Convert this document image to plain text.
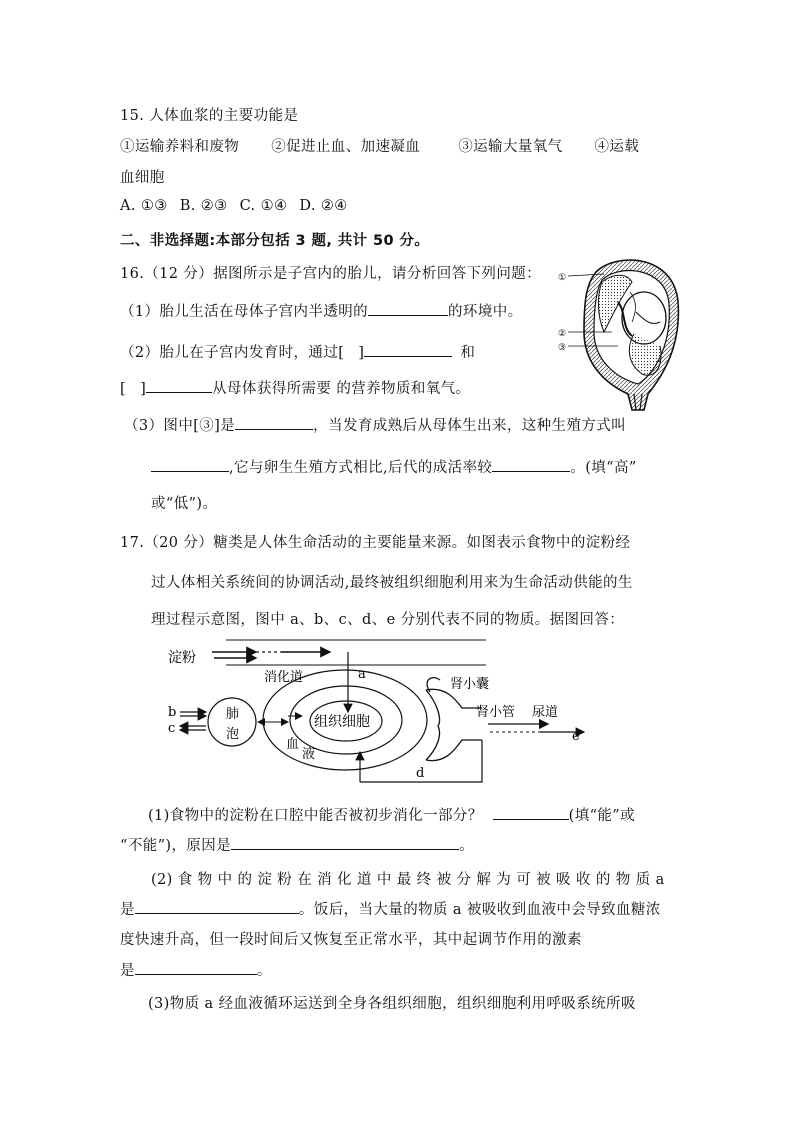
15. 人体血浆的主要功能是
①运输养料和废物 ②促进止血、加速凝血	③运输大量氧气 ④运载
血细胞
A. ①③ B. ②③ C. ①④ D. ②④
二、非选择题:本部分包括 3 题, 共计 50 分。
16.（12 分）据图所示是子宫内的胎儿，请分析回答下列问题：
（1）胎儿生活在母体子宫内半透明的	的环境中。
（2）胎儿在子宫内发育时，通过[ ]	和
[ ]	从母体获得所需要 的营养物质和氧气。
（3）图中[③]是	，当发育成熟后从母体生出来，这种生殖方式叫
,它与卵生生殖方式相比,后代的成活率较	。(填“高”
或“低”)。
①
②
③
17.（20 分）糖类是人体生命活动的主要能量来源。如图表示食物中的淀粉经
过人体相关系统间的协调活动,最终被组织细胞利用来为生命活动供能的生
理过程示意图，图中 a、b、c、d、e 分别代表不同的物质。据图回答：
淀粉
消化道	a
组织细胞
血
液
肺
泡
b
c
肾小囊
肾小管 尿道
e
d
(1)食物中的淀粉在口腔中能否被初步消化一部分？	(填“能”或
“不能”)，原因是	。
(2) 食 物 中 的 淀 粉 在 消 化 道 中 最 终 被 分 解 为 可 被 吸 收 的 物 质 a
是	。饭后，当大量的物质 a 被吸收到血液中会导致血糖浓
度快速升高，但一段时间后又恢复至正常水平，其中起调节作用的激素
是	。
(3)物质 a 经血液循环运送到全身各组织细胞，组织细胞利用呼吸系统所吸
